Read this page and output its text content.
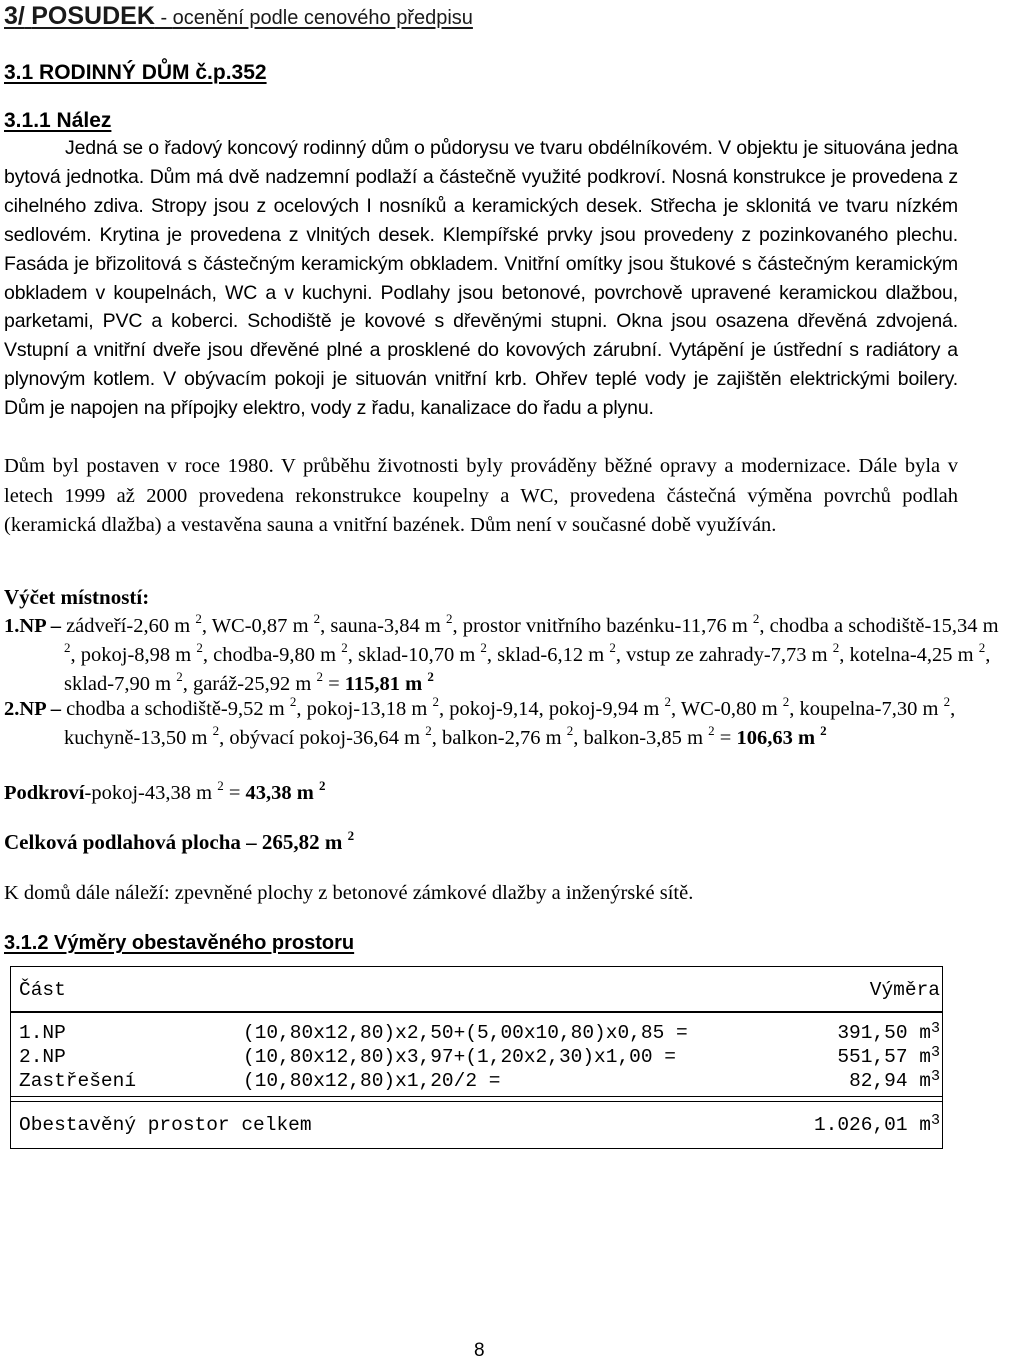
3/ POSUDEK - ocenění podle cenového předpisu
3.1 RODINNÝ DŮM č.p.352
3.1.1 Nález

Jedná se o řadový koncový rodinný dům o půdorysu ve tvaru obdélníkovém. V objektu je situována jedna bytová jednotka. Dům má dvě nadzemní podlaží a částečně využité podkroví. Nosná konstrukce je provedena z cihelného zdiva. Stropy jsou z ocelových I nosníků a keramických desek. Střecha je sklonitá ve tvaru nízkém sedlovém. Krytina je provedena z vlnitých desek. Klempířské prvky jsou provedeny z pozinkovaného plechu. Fasáda je břizolitová s částečným keramickým obkladem. Vnitřní omítky jsou štukové s částečným keramickým obkladem v koupelnách, WC a v kuchyni. Podlahy jsou betonové, povrchově upravené keramickou dlažbou, parketami, PVC a koberci. Schodiště je kovové s dřevěnými stupni. Okna jsou osazena dřevěná zdvojená. Vstupní a vnitřní dveře jsou dřevěné plné a prosklené do kovových zárubní. Vytápění je ústřední s radiátory a plynovým kotlem. V obývacím pokoji je situován vnitřní krb. Ohřev teplé vody je zajištěn elektrickými boilery. Dům je napojen na přípojky elektro, vody z řadu, kanalizace do řadu a plynu.

Dům byl postaven v roce 1980. V průběhu životnosti byly prováděny běžné opravy a modernizace. Dále byla v letech 1999 až 2000 provedena rekonstrukce koupelny a WC, provedena částečná výměna povrchů podlah (keramická dlažba) a vestavěna sauna a vnitřní bazének. Dům není v současné době využíván.

Výčet místností:

1.NP – zádveří-2,60 m $^2$, WC-0,87 m $^2$, sauna-3,84 m $^2$, prostor vnitřního bazénku-11,76 m $^2$, chodba a schodiště-15,34 m $^2$, pokoj-8,98 m $^2$, chodba-9,80 m $^2$, sklad-10,70 m $^2$, sklad-6,12 m $^2$, vstup ze zahrady-7,73 m $^2$, kotelna-4,25 m $^2$, sklad-7,90 m $^2$, garáž-25,92 m $^2$ = 115,81 m $^2$

2.NP – chodba a schodiště-9,52 m $^2$, pokoj-13,18 m $^2$, pokoj-9,14, pokoj-9,94 m $^2$, WC-0,80 m $^2$, koupelna-7,30 m $^2$, kuchyně-13,50 m $^2$, obývací pokoj-36,64 m $^2$, balkon-2,76 m $^2$, balkon-3,85 m $^2$ = 106,63 m $^2$

Podkroví-pokoj-43,38 m $^2$ = 43,38 m $^2$

Celková podlahová plocha – 265,82 m $^2$

K domů dále náleží: zpevněné plochy z betonové zámkové dlažby a inženýrské sítě.

3.1.2 Výměry obestavěného prostoru
Část	Výměra
1.NP	(10,80x12,80)x2,50+(5,00x10,80)x0,85 =	391,50 $m^3$
2.NP	(10,80x12,80)x3,97+(1,20x2,30)x1,00 =	551,57 $m^3$
Zastřešení	(10,80x12,80)x1,20/2 =	82,94 $m^3$
Obestavěný prostor celkem	1.026,01 $m^3$

8
